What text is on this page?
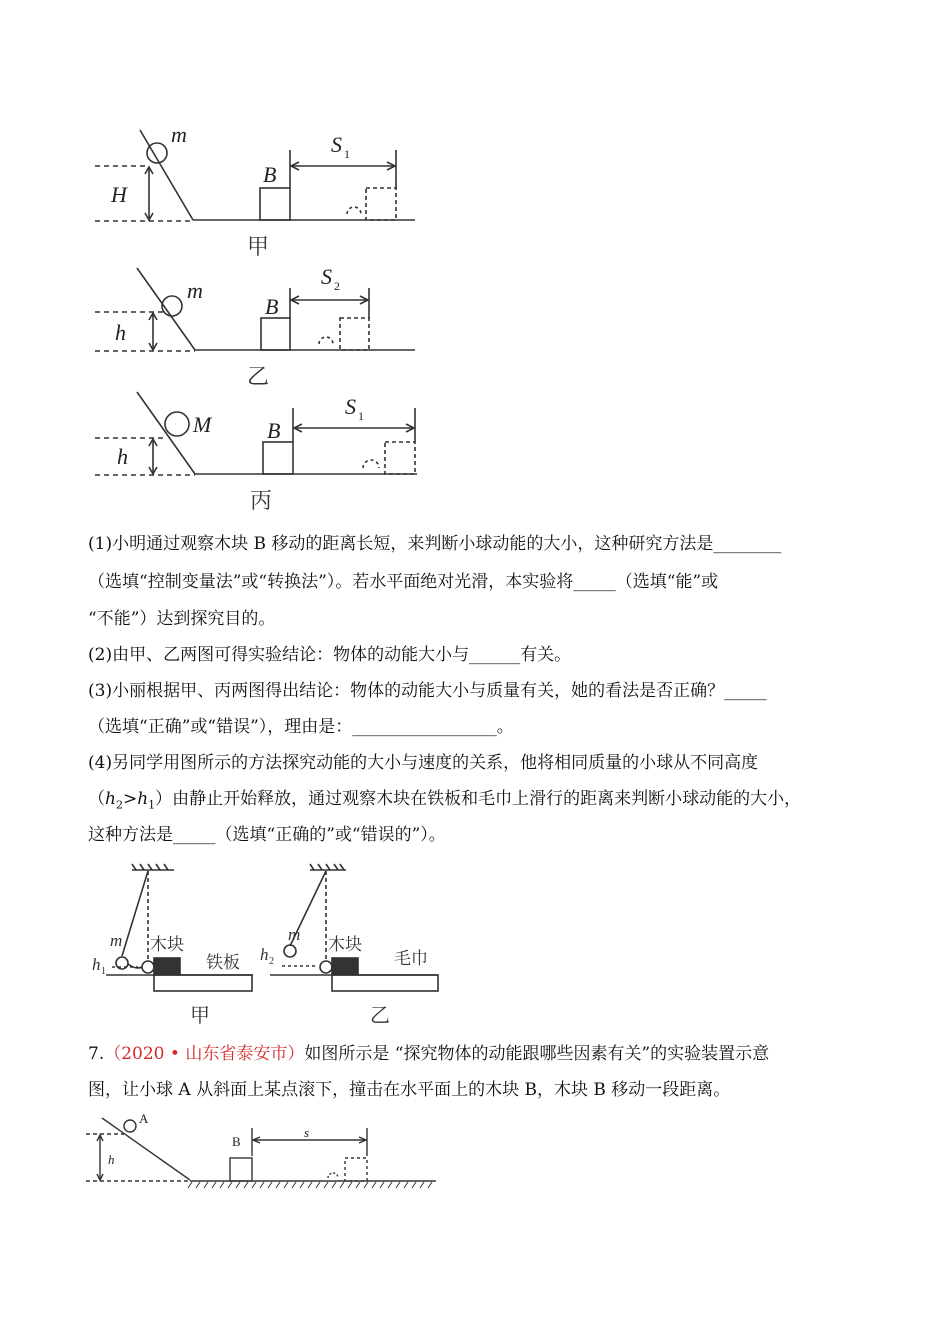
m
H
B
S 1
m
h
B
S 2
M
h
B
S 1
甲
乙
丙
(1)小明通过观察木块 B 移动的距离长短，来判断小球动能的大小，这种研究方法是________
（选填“控制变量法”或“转换法”）。若水平面绝对光滑，本实验将_____（选填“能”或
“不能”）达到探究目的。
(2)由甲、乙两图可得实验结论：物体的动能大小与______有关。
(3)小丽根据甲、丙两图得出结论：物体的动能大小与质量有关，她的看法是否正确？_____
（选填“正确”或“错误”），理由是：_________________。
(4)另同学用图所示的方法探究动能的大小与速度的关系，他将相同质量的小球从不同高度
$(h_2>h_1)$由静止开始释放，通过观察木块在铁板和毛巾上滑行的距离来判断小球动能的大小，
这种方法是_____（选填“正确的”或“错误的”）。
m
h 1
木块
铁板
甲
m
h 2
木块
毛巾
乙
7.（2020 • 山东省泰安市）如图所示是 “探究物体的动能跟哪些因素有关”的实验装置示意
图，让小球 A 从斜面上某点滚下，撞击在水平面上的木块 B，木块 B 移动一段距离。
A
h
B
s
